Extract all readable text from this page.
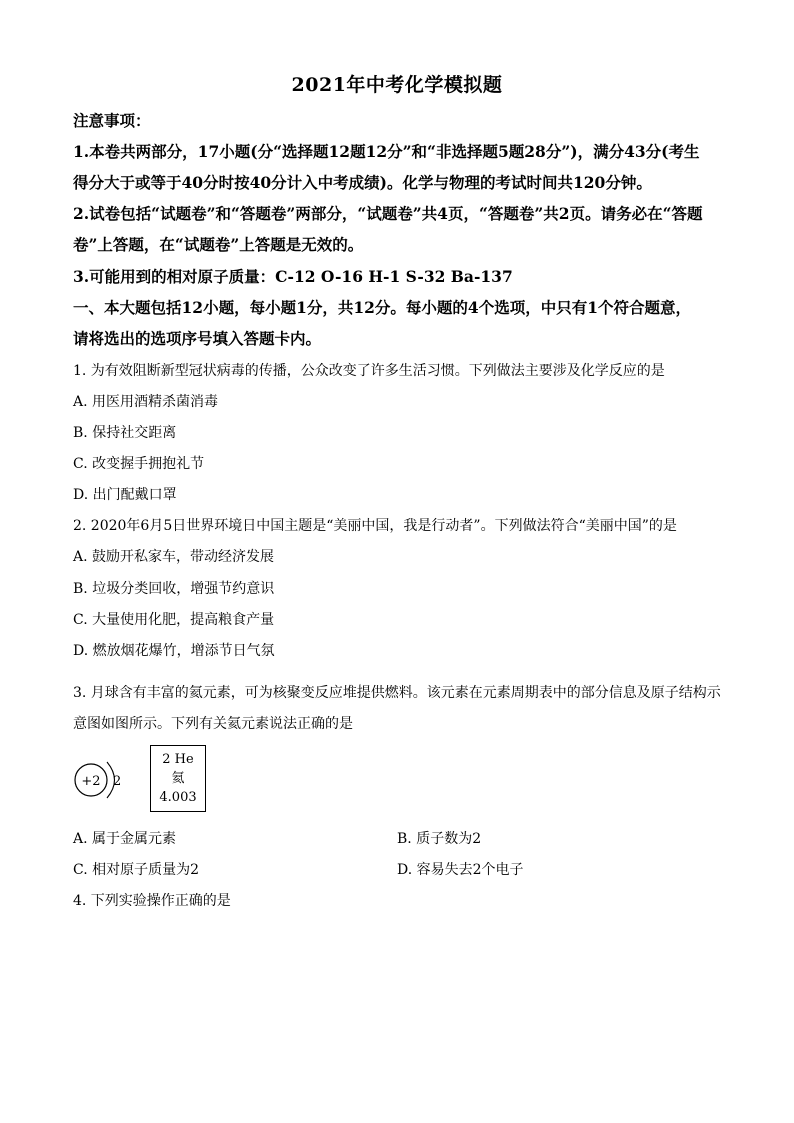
2021年中考化学模拟题
注意事项：
1.本卷共两部分，17小题(分“选择题12题12分”和“非选择题5题28分”)，满分43分(考生
得分大于或等于40分时按40分计入中考成绩)。化学与物理的考试时间共120分钟。
2.试卷包括“试题卷”和“答题卷”两部分，“试题卷”共4页，“答题卷”共2页。请务必在“答题
卷”上答题，在“试题卷”上答题是无效的。
3.可能用到的相对原子质量：C-12 O-16 H-1 S-32 Ba-137
一、本大题包括12小题，每小题1分，共12分。每小题的4个选项，中只有1个符合题意，
请将选出的选项序号填入答题卡内。
1. 为有效阻断新型冠状病毒的传播，公众改变了许多生活习惯。下列做法主要涉及化学反应的是
A. 用医用酒精杀菌消毒
B. 保持社交距离
C. 改变握手拥抱礼节
D. 出门配戴口罩
2. 2020年6月5日世界环境日中国主题是“美丽中国，我是行动者”。下列做法符合“美丽中国”的是
A. 鼓励开私家车，带动经济发展
B. 垃圾分类回收，增强节约意识
C. 大量使用化肥，提高粮食产量
D. 燃放烟花爆竹，增添节日气氛
3. 月球含有丰富的氦元素，可为核聚变反应堆提供燃料。该元素在元素周期表中的部分信息及原子结构示
意图如图所示。下列有关氦元素说法正确的是
+2 2
2 He
氦
4.003
A. 属于金属元素	B. 质子数为2
C. 相对原子质量为2	D. 容易失去2个电子
4. 下列实验操作正确的是
